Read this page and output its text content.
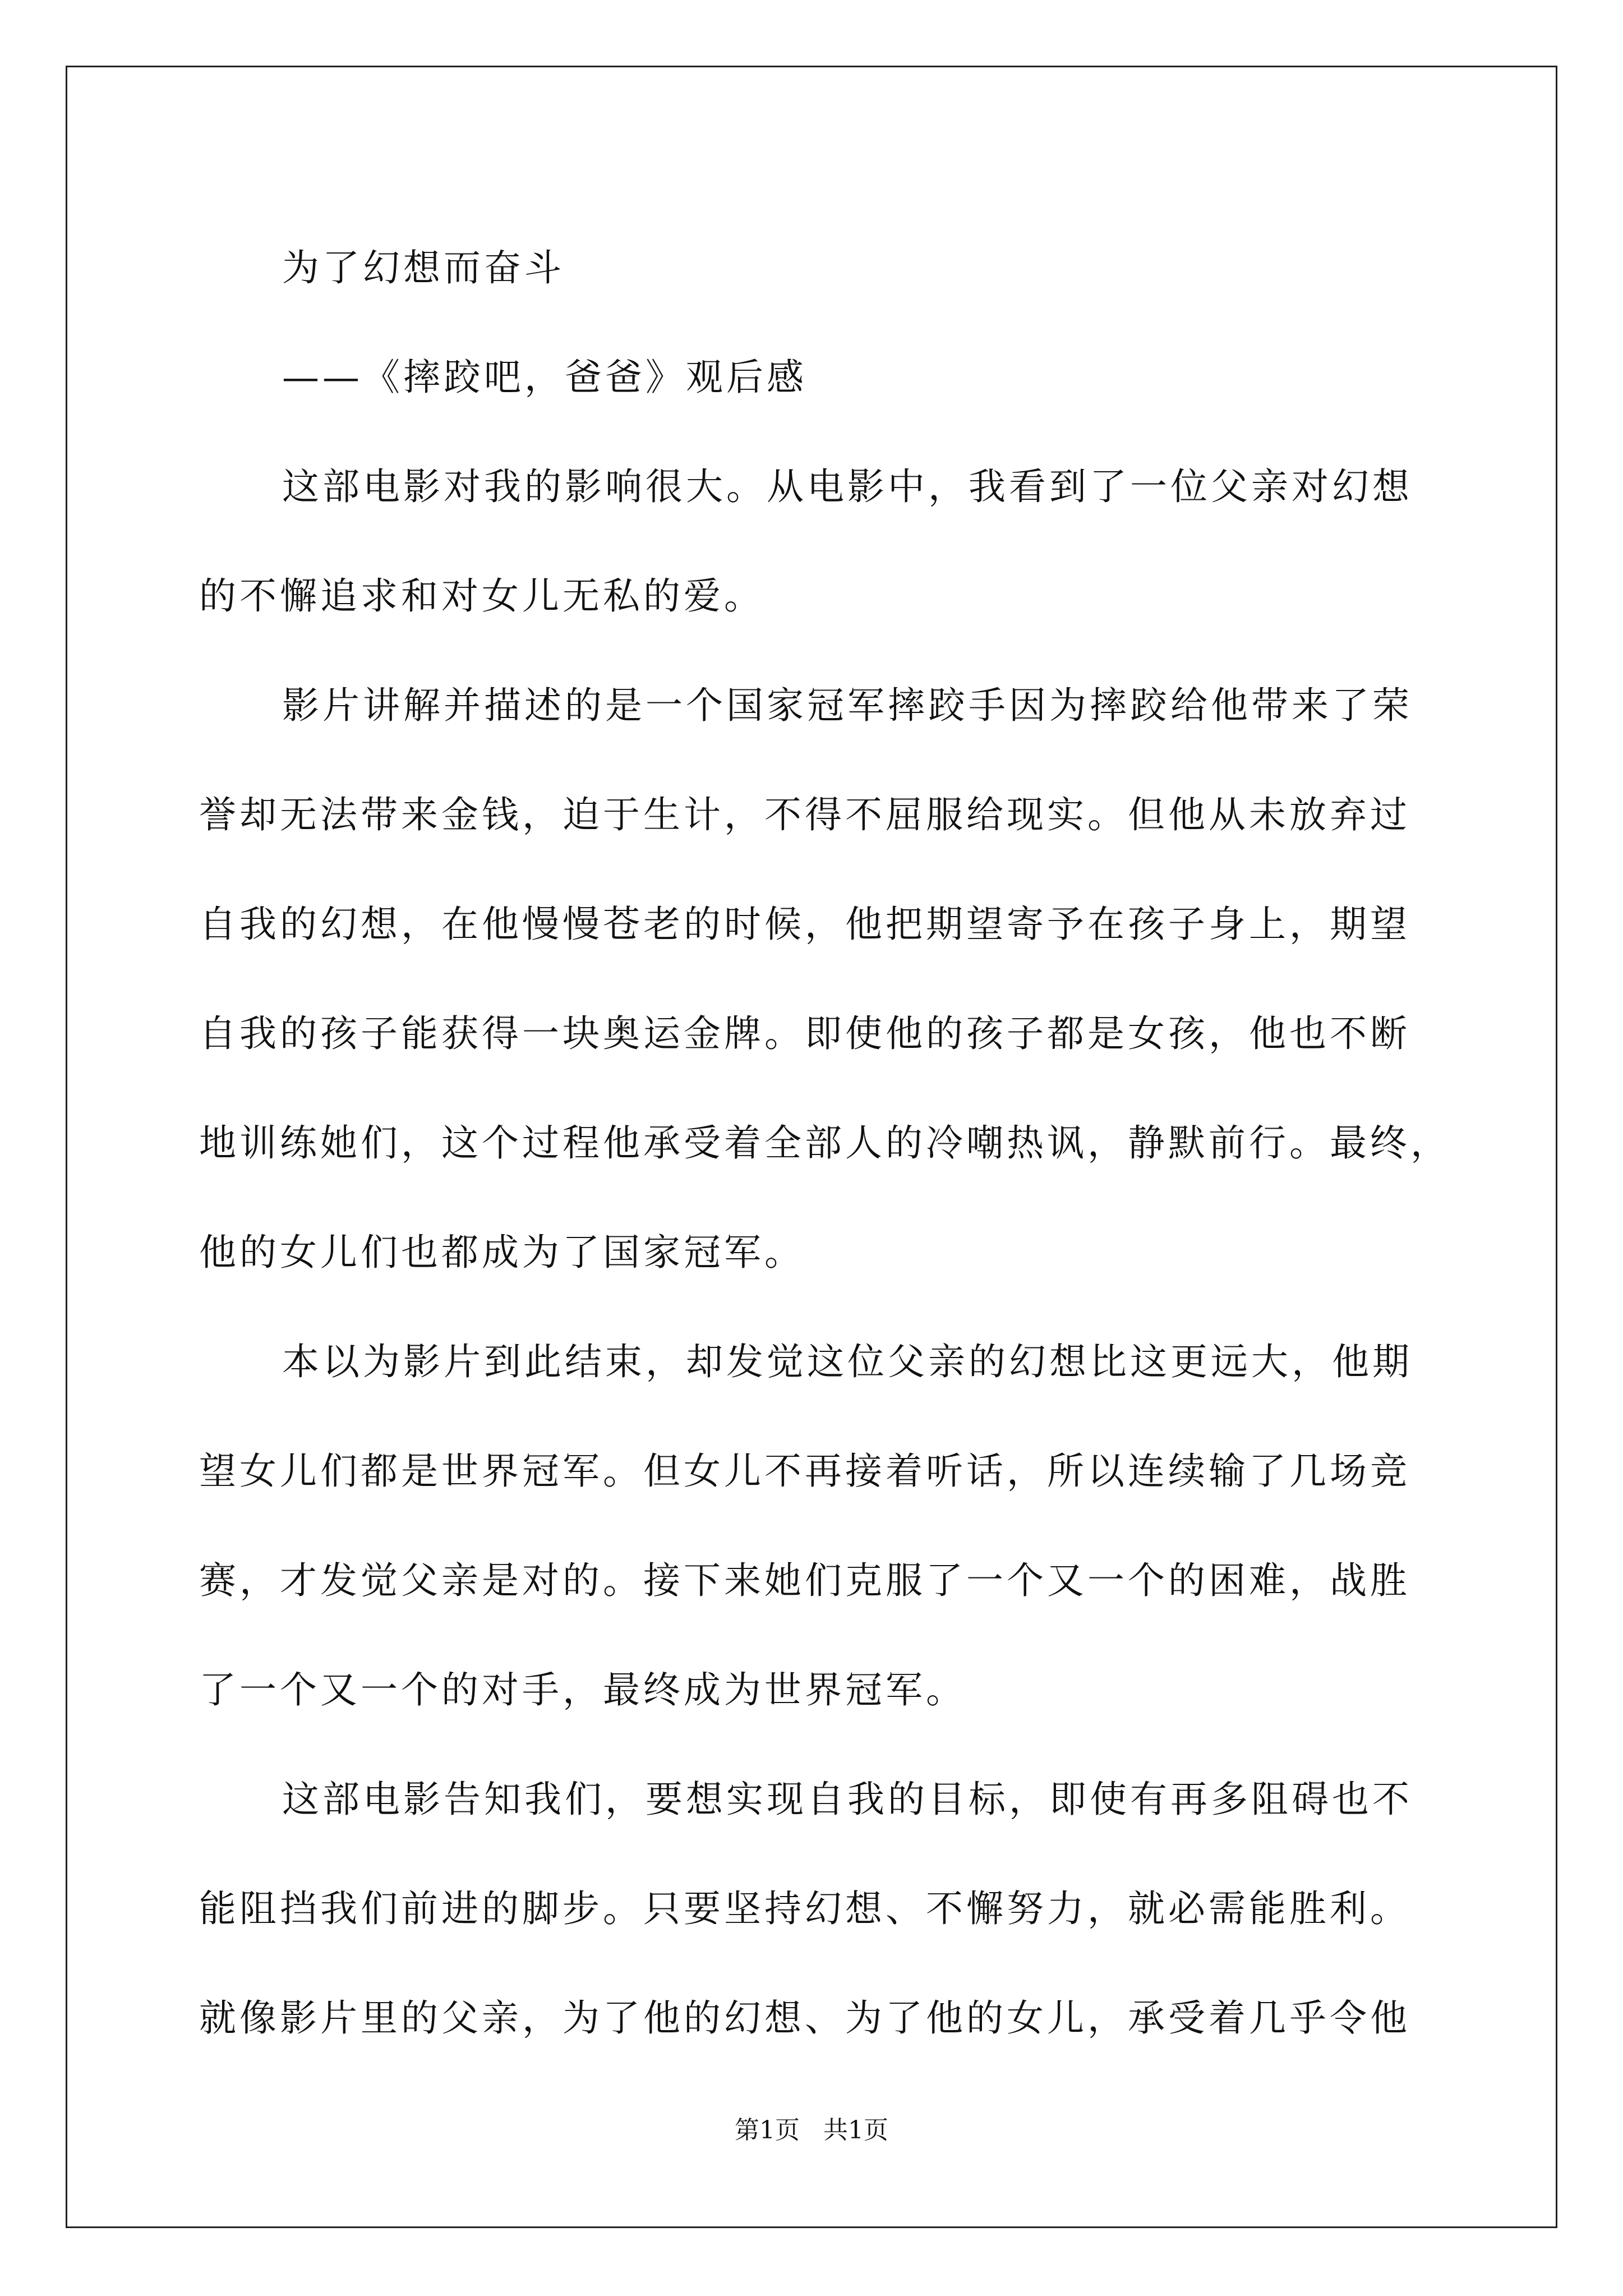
为了幻想而奋斗
——《摔跤吧，爸爸》观后感
这部电影对我的影响很大。从电影中，我看到了一位父亲对幻想
的不懈追求和对女儿无私的爱。
影片讲解并描述的是一个国家冠军摔跤手因为摔跤给他带来了荣
誉却无法带来金钱，迫于生计，不得不屈服给现实。但他从未放弃过
自我的幻想，在他慢慢苍老的时候，他把期望寄予在孩子身上，期望
自我的孩子能获得一块奥运金牌。即使他的孩子都是女孩，他也不断
地训练她们，这个过程他承受着全部人的冷嘲热讽，静默前行。最终，
他的女儿们也都成为了国家冠军。
本以为影片到此结束，却发觉这位父亲的幻想比这更远大，他期
望女儿们都是世界冠军。但女儿不再接着听话，所以连续输了几场竞
赛，才发觉父亲是对的。接下来她们克服了一个又一个的困难，战胜
了一个又一个的对手，最终成为世界冠军。
这部电影告知我们，要想实现自我的目标，即使有再多阻碍也不
能阻挡我们前进的脚步。只要坚持幻想、不懈努力，就必需能胜利。
就像影片里的父亲，为了他的幻想、为了他的女儿，承受着几乎令他
第1页   共1页
